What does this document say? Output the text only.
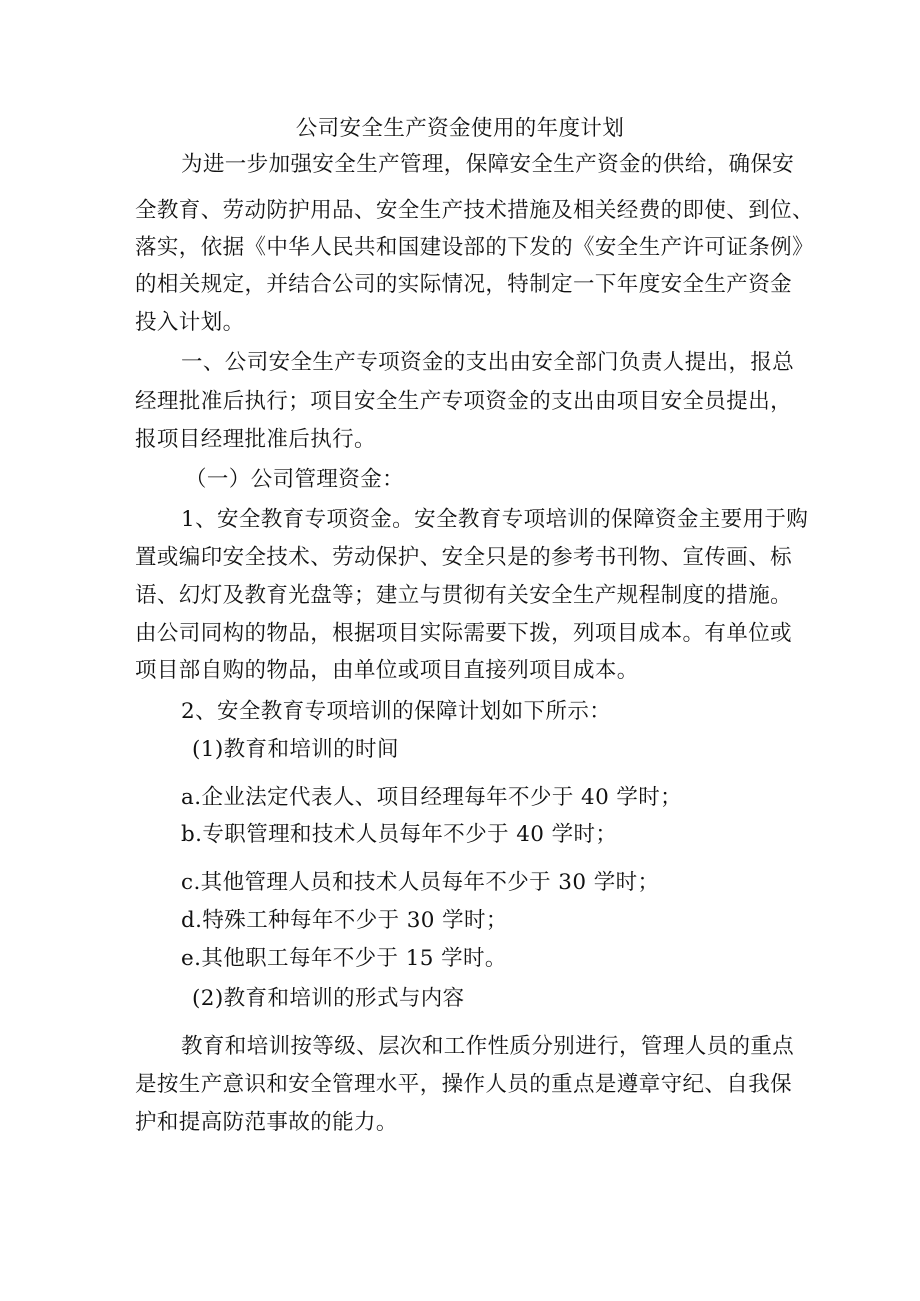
公司安全生产资金使用的年度计划
为进一步加强安全生产管理，保障安全生产资金的供给，确保安
全教育、劳动防护用品、安全生产技术措施及相关经费的即使、到位、
落实，依据《中华人民共和国建设部的下发的《安全生产许可证条例》
的相关规定，并结合公司的实际情况，特制定一下年度安全生产资金
投入计划。
一、公司安全生产专项资金的支出由安全部门负责人提出，报总
经理批准后执行；项目安全生产专项资金的支出由项目安全员提出，
报项目经理批准后执行。
（一）公司管理资金：
1、安全教育专项资金。安全教育专项培训的保障资金主要用于购
置或编印安全技术、劳动保护、安全只是的参考书刊物、宣传画、标
语、幻灯及教育光盘等；建立与贯彻有关安全生产规程制度的措施。
由公司同构的物品，根据项目实际需要下拨，列项目成本。有单位或
项目部自购的物品，由单位或项目直接列项目成本。
2、安全教育专项培训的保障计划如下所示：
(1)教育和培训的时间
a.企业法定代表人、项目经理每年不少于 40 学时；
b.专职管理和技术人员每年不少于 40 学时；
c.其他管理人员和技术人员每年不少于 30 学时；
d.特殊工种每年不少于 30 学时；
e.其他职工每年不少于 15 学时。
(2)教育和培训的形式与内容
教育和培训按等级、层次和工作性质分别进行，管理人员的重点
是按生产意识和安全管理水平，操作人员的重点是遵章守纪、自我保
护和提高防范事故的能力。
